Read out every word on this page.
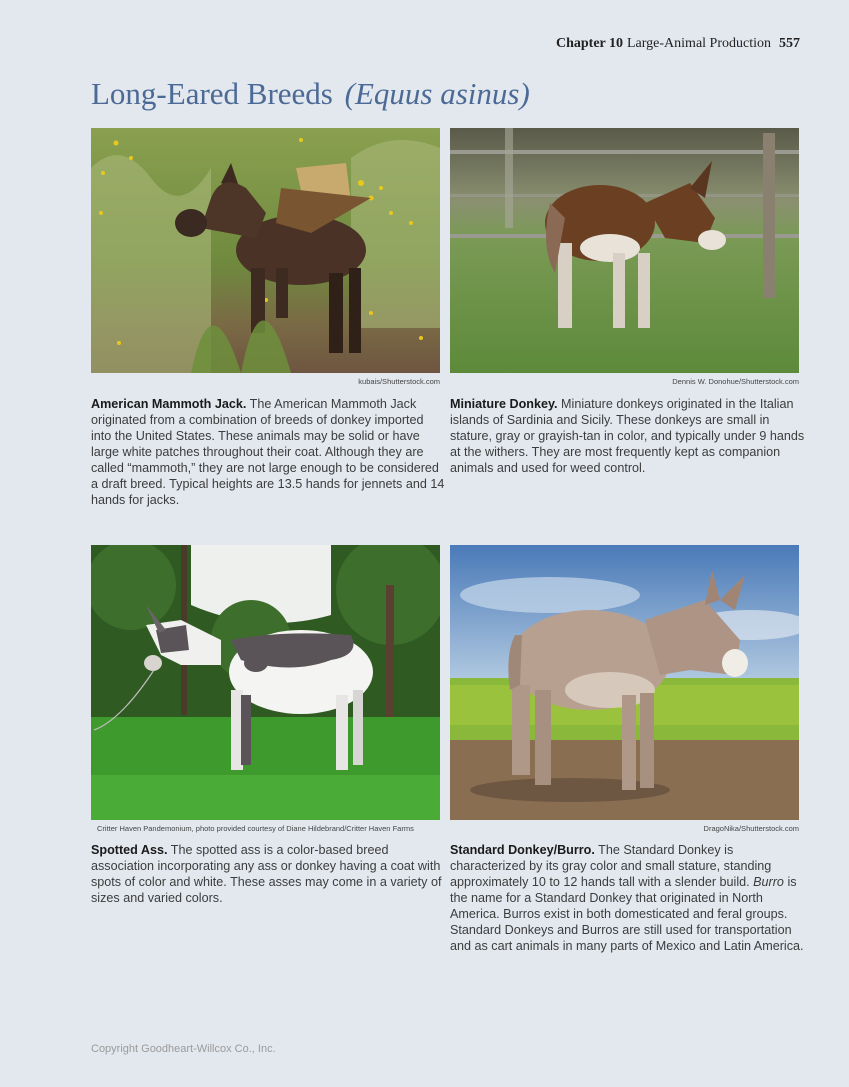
Chapter 10 Large-Animal Production 557
Long-Eared Breeds (Equus asinus)
kubais/Shutterstock.com	Dennis W. Donohue/Shutterstock.com

American Mammoth Jack. The American Mammoth Jack originated from a combination of breeds of donkey imported into the United States. These animals may be solid or have large white patches throughout their coat. Although they are called “mammoth,” they are not large enough to be considered a draft breed. Typical heights are 13.5 hands for jennets and 14 hands for jacks.

Miniature Donkey. Miniature donkeys originated in the Italian islands of Sardinia and Sicily. These donkeys are small in stature, gray or grayish-tan in color, and typically under 9 hands at the withers. They are most frequently kept as companion animals and used for weed control.

Critter Haven Pandemonium, photo provided courtesy of Diane Hildebrand/Critter Haven Farms	DragoNika/Shutterstock.com

Spotted Ass. The spotted ass is a color-based breed association incorporating any ass or donkey having a coat with spots of color and white. These asses may come in a variety of sizes and varied colors.

Standard Donkey/Burro. The Standard Donkey is characterized by its gray color and small stature, standing approximately 10 to 12 hands tall with a slender build. Burro is the name for a Standard Donkey that originated in North America. Burros exist in both domesticated and feral groups. Standard Donkeys and Burros are still used for transportation and as cart animals in many parts of Mexico and Latin America.

Copyright Goodheart-Willcox Co., Inc.
